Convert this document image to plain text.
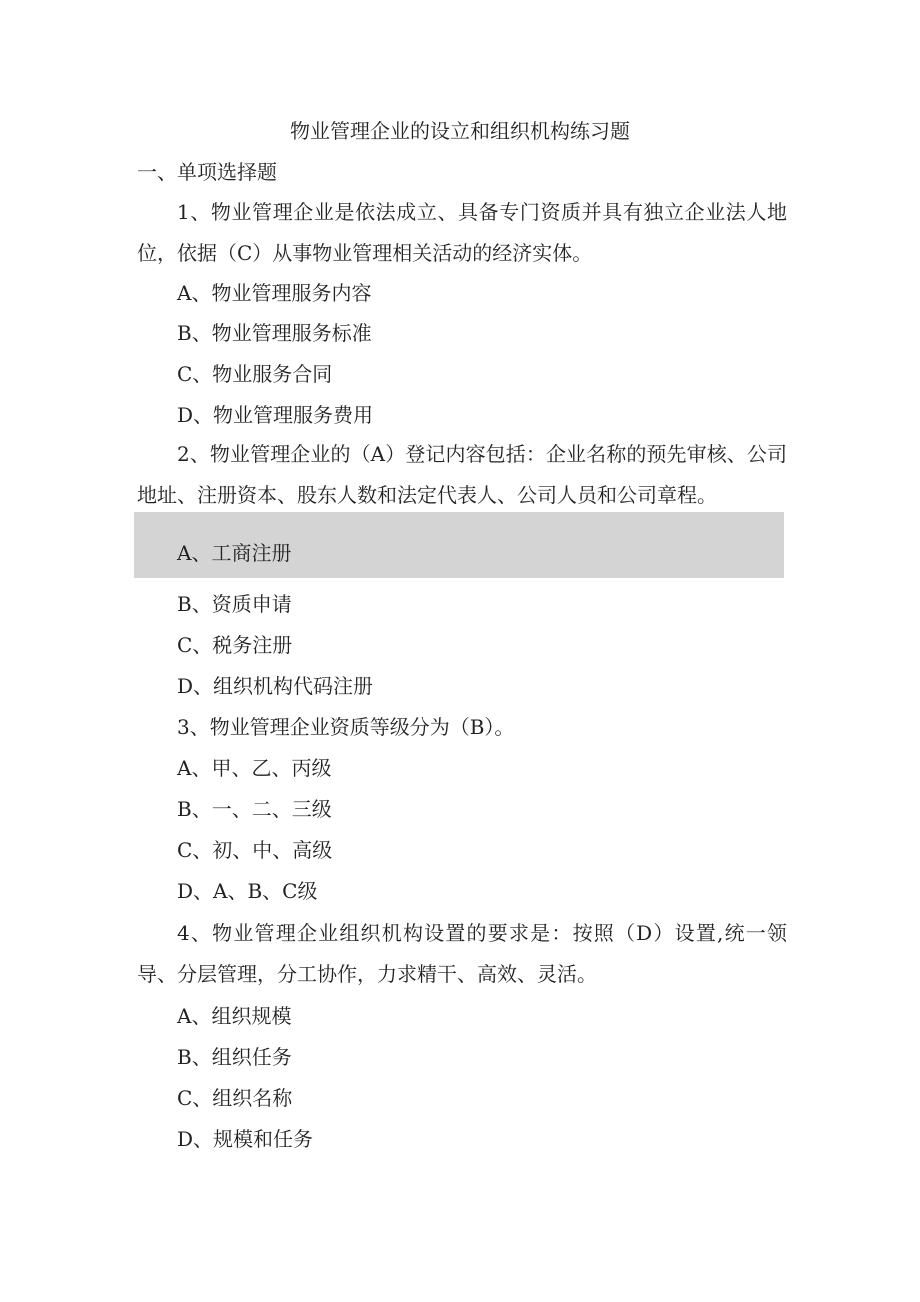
物业管理企业的设立和组织机构练习题
一、单项选择题
1、物业管理企业是依法成立、具备专门资质并具有独立企业法人地位，依据（C）从事物业管理相关活动的经济实体。
A、物业管理服务内容
B、物业管理服务标准
C、物业服务合同
D、物业管理服务费用
2、物业管理企业的（A）登记内容包括：企业名称的预先审核、公司地址、注册资本、股东人数和法定代表人、公司人员和公司章程。
A、工商注册
B、资质申请
C、税务注册
D、组织机构代码注册
3、物业管理企业资质等级分为（B）。
A、甲、乙、丙级
B、一、二、三级
C、初、中、高级
D、A、B、C级
4、物业管理企业组织机构设置的要求是：按照（D）设置,统一领导、分层管理，分工协作，力求精干、高效、灵活。
A、组织规模
B、组织任务
C、组织名称
D、规模和任务
